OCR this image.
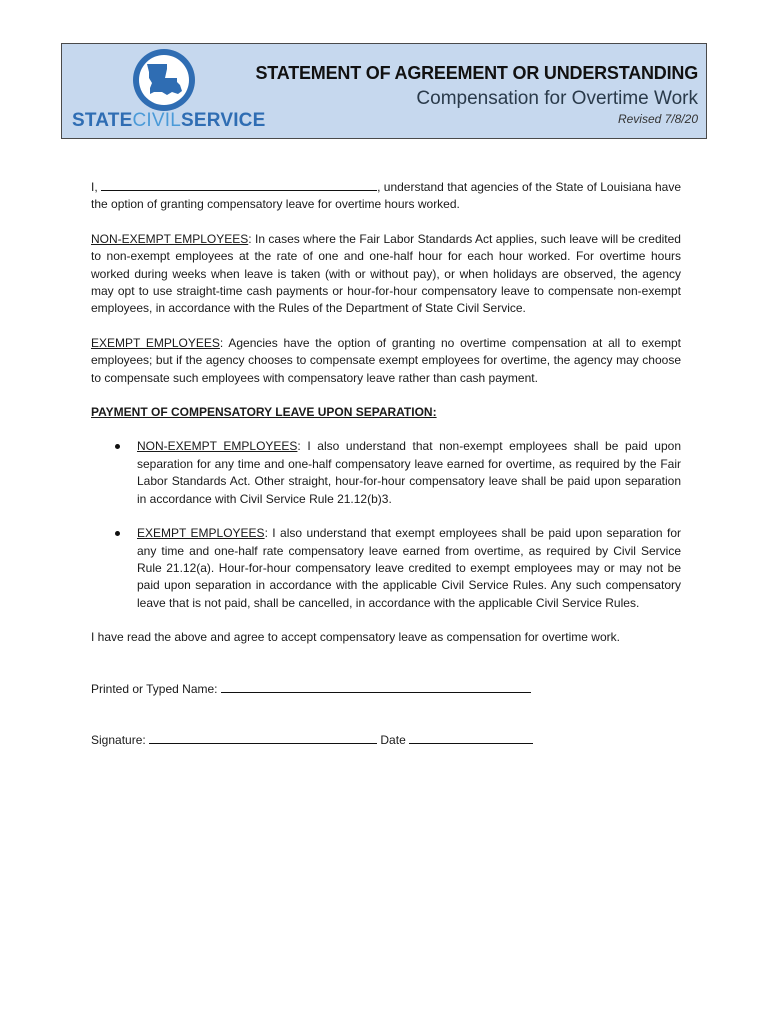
STATECIVILSERVICE
STATEMENT OF AGREEMENT OR UNDERSTANDING
Compensation for Overtime Work
Revised 7/8/20

I,	, understand that agencies of the State of Louisiana have the option of granting compensatory leave for overtime hours worked.

NON-EXEMPT EMPLOYEES: In cases where the Fair Labor Standards Act applies, such leave will be credited to non-exempt employees at the rate of one and one-half hour for each hour worked. For overtime hours worked during weeks when leave is taken (with or without pay), or when holidays are observed, the agency may opt to use straight-time cash payments or hour-for-hour compensatory leave to compensate non-exempt employees, in accordance with the Rules of the Department of State Civil Service.

EXEMPT EMPLOYEES: Agencies have the option of granting no overtime compensation at all to exempt employees; but if the agency chooses to compensate exempt employees for overtime, the agency may choose to compensate such employees with compensatory leave rather than cash payment.

PAYMENT OF COMPENSATORY LEAVE UPON SEPARATION:
NON-EXEMPT EMPLOYEES: I also understand that non-exempt employees shall be paid upon separation for any time and one-half compensatory leave earned for overtime, as required by the Fair Labor Standards Act. Other straight, hour-for-hour compensatory leave shall be paid upon separation in accordance with Civil Service Rule 21.12(b)3.
EXEMPT EMPLOYEES: I also understand that exempt employees shall be paid upon separation for any time and one-half rate compensatory leave earned from overtime, as required by Civil Service Rule 21.12(a). Hour-for-hour compensatory leave credited to exempt employees may or may not be paid upon separation in accordance with the applicable Civil Service Rules. Any such compensatory leave that is not paid, shall be cancelled, in accordance with the applicable Civil Service Rules.

I have read the above and agree to accept compensatory leave as compensation for overtime work.

Printed or Typed Name:
Signature:	Date
